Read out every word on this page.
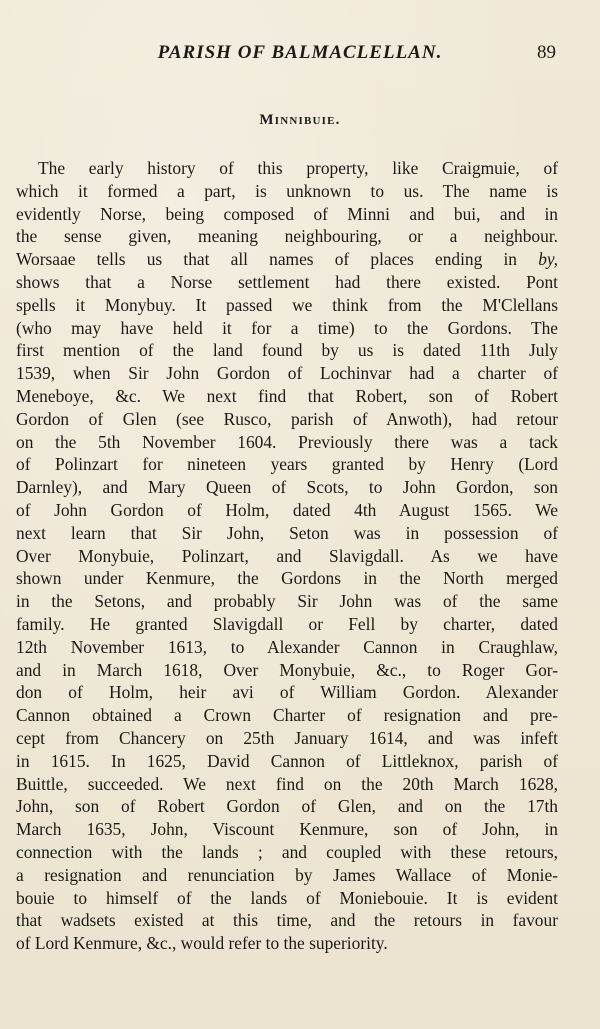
PARISH OF BALMACLELLAN.	89
Minnibuie.
The early history of this property, like Craigmuie, of
which it formed a part, is unknown to us. The name is
evidently Norse, being composed of Minni and bui, and in
the sense given, meaning neighbouring, or a neighbour.
Worsaae tells us that all names of places ending in by,
shows that a Norse settlement had there existed. Pont
spells it Monybuy. It passed we think from the M'Clellans
(who may have held it for a time) to the Gordons. The
first mention of the land found by us is dated 11th July
1539, when Sir John Gordon of Lochinvar had a charter of
Meneboye, &c. We next find that Robert, son of Robert
Gordon of Glen (see Rusco, parish of Anwoth), had retour
on the 5th November 1604. Previously there was a tack
of Polinzart for nineteen years granted by Henry (Lord
Darnley), and Mary Queen of Scots, to John Gordon, son
of John Gordon of Holm, dated 4th August 1565. We
next learn that Sir John, Seton was in possession of
Over Monybuie, Polinzart, and Slavigdall. As we have
shown under Kenmure, the Gordons in the North merged
in the Setons, and probably Sir John was of the same
family. He granted Slavigdall or Fell by charter, dated
12th November 1613, to Alexander Cannon in Craughlaw,
and in March 1618, Over Monybuie, &c., to Roger Gor-
don of Holm, heir avi of William Gordon. Alexander
Cannon obtained a Crown Charter of resignation and pre-
cept from Chancery on 25th January 1614, and was infeft
in 1615. In 1625, David Cannon of Littleknox, parish of
Buittle, succeeded. We next find on the 20th March 1628,
John, son of Robert Gordon of Glen, and on the 17th
March 1635, John, Viscount Kenmure, son of John, in
connection with the lands ; and coupled with these retours,
a resignation and renunciation by James Wallace of Monie-
bouie to himself of the lands of Moniebouie. It is evident
that wadsets existed at this time, and the retours in favour
of Lord Kenmure, &c., would refer to the superiority.
